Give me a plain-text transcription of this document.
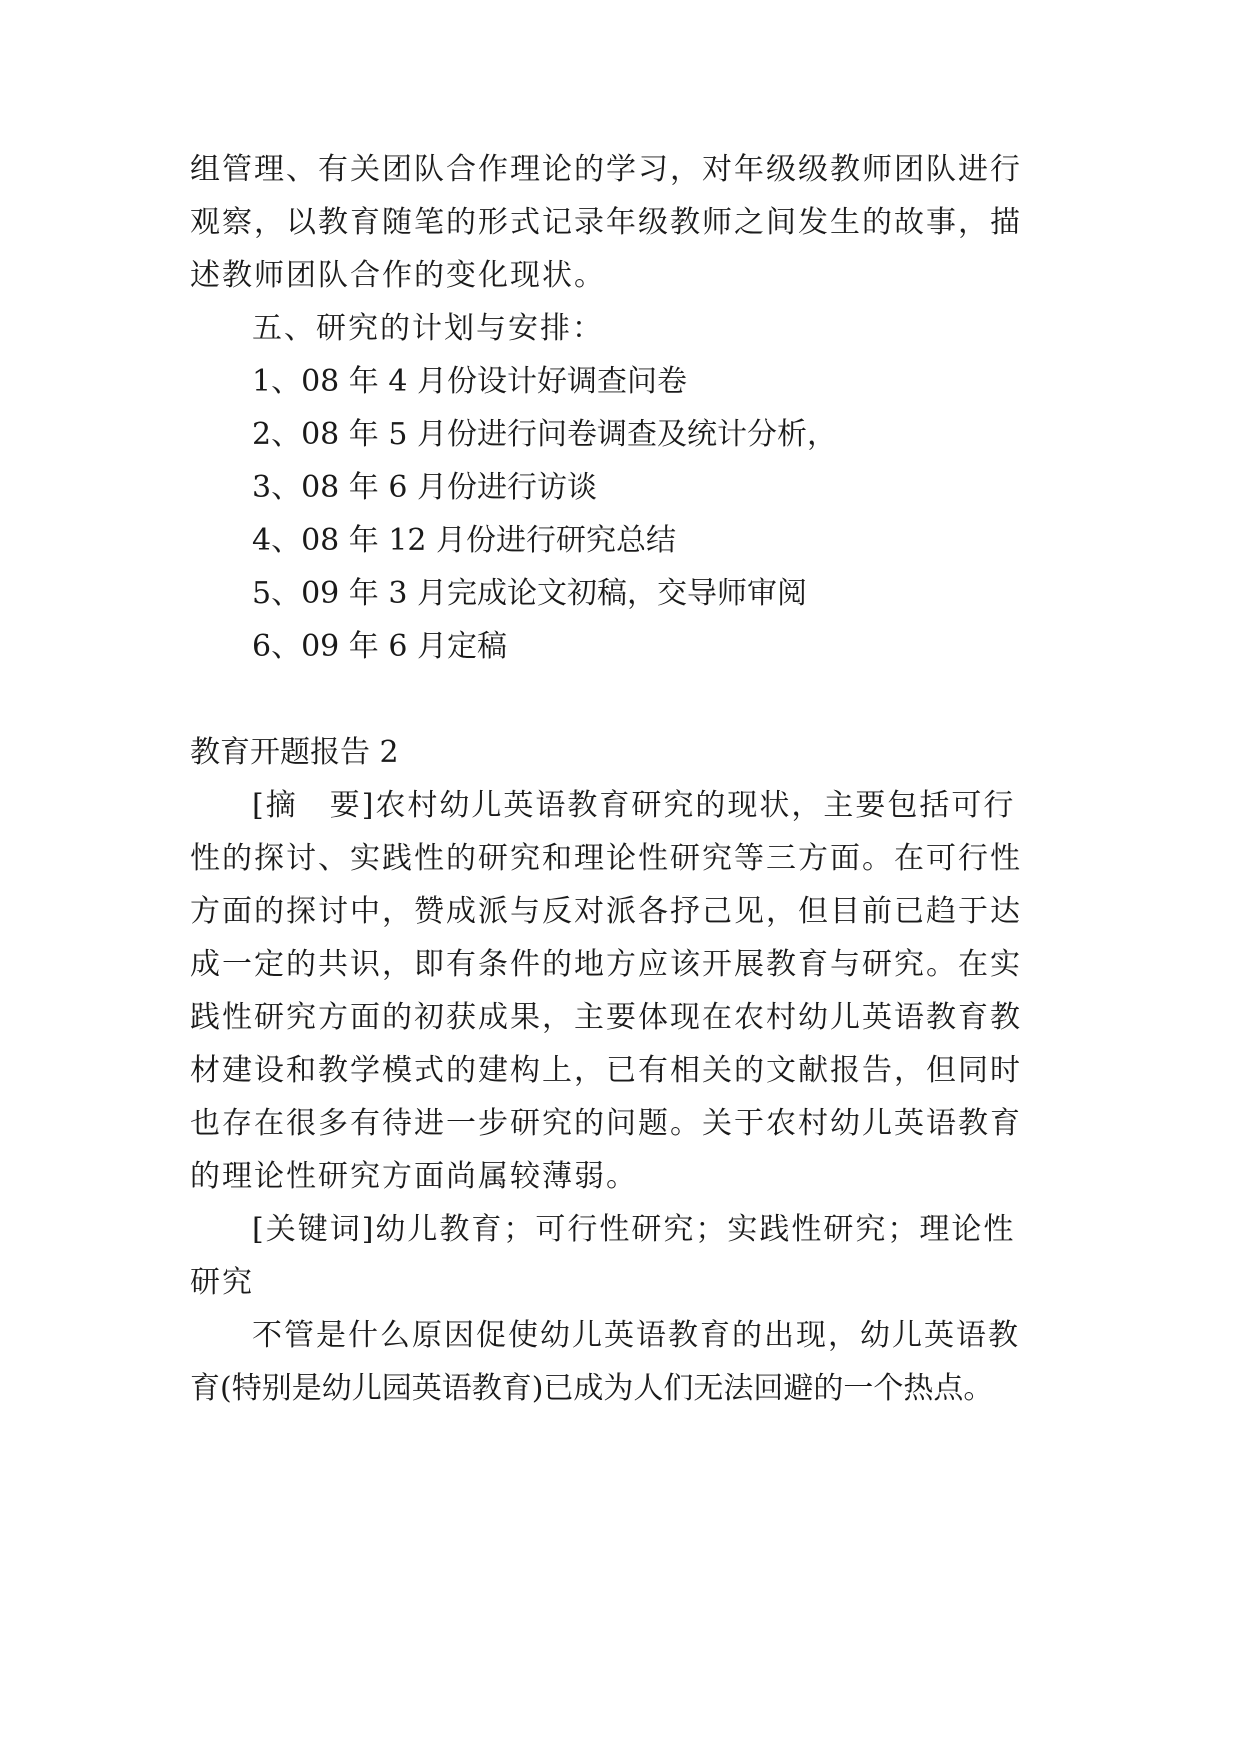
组管理、有关团队合作理论的学习，对年级级教师团队进行
观察，以教育随笔的形式记录年级教师之间发生的故事，描
述教师团队合作的变化现状。
五、研究的计划与安排：
1、08 年 4 月份设计好调查问卷
2、08 年 5 月份进行问卷调查及统计分析，
3、08 年 6 月份进行访谈
4、08 年 12 月份进行研究总结
5、09 年 3 月完成论文初稿，交导师审阅
6、09 年 6 月定稿
教育开题报告 2
[摘　要]农村幼儿英语教育研究的现状，主要包括可行
性的探讨、实践性的研究和理论性研究等三方面。在可行性
方面的探讨中，赞成派与反对派各抒己见，但目前已趋于达
成一定的共识，即有条件的地方应该开展教育与研究。在实
践性研究方面的初获成果，主要体现在农村幼儿英语教育教
材建设和教学模式的建构上，已有相关的文献报告，但同时
也存在很多有待进一步研究的问题。关于农村幼儿英语教育
的理论性研究方面尚属较薄弱。
[关键词]幼儿教育；可行性研究；实践性研究；理论性
研究
不管是什么原因促使幼儿英语教育的出现，幼儿英语教
育(特别是幼儿园英语教育)已成为人们无法回避的一个热点。
